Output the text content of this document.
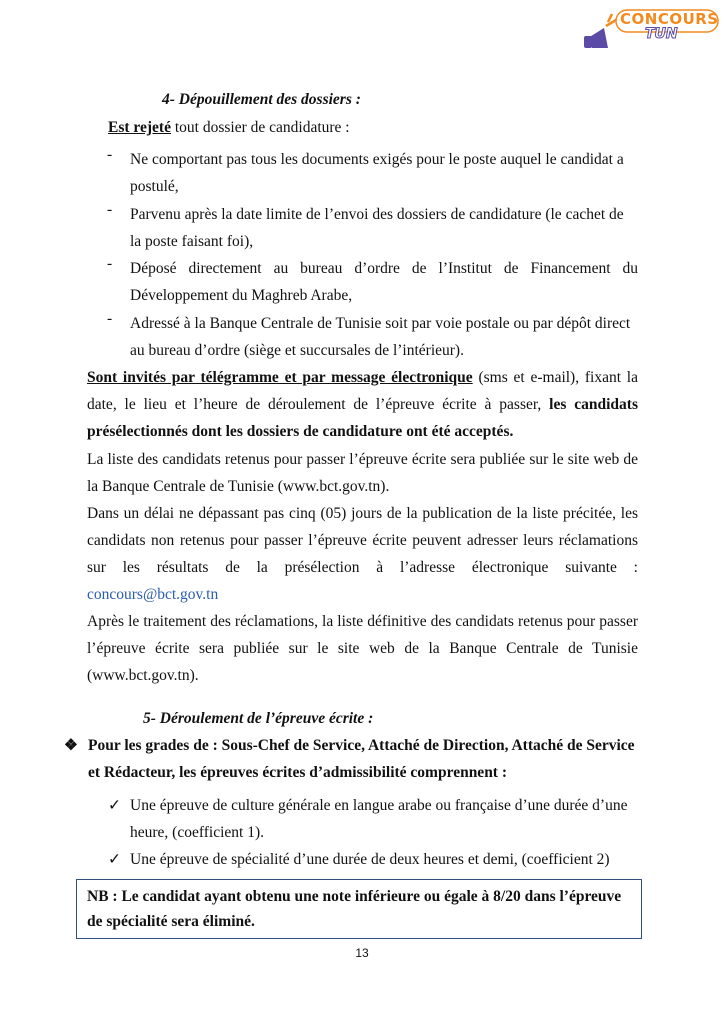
CONCOURS
TUN
4- Dépouillement des dossiers :
Est rejeté tout dossier de candidature :
- Ne comportant pas tous les documents exigés pour le poste auquel le candidat a
postulé,
- Parvenu après la date limite de l’envoi des dossiers de candidature (le cachet de
la poste faisant foi),
- Déposé directement au bureau d’ordre de l’Institut de Financement du
Développement du Maghreb Arabe,
- Adressé à la Banque Centrale de Tunisie soit par voie postale ou par dépôt direct
au bureau d’ordre (siège et succursales de l’intérieur).
Sont invités par télégramme et par message électronique (sms et e-mail), fixant la date, le lieu et l’heure de déroulement de l’épreuve écrite à passer, les candidats présélectionnés dont les dossiers de candidature ont été acceptés.
La liste des candidats retenus pour passer l’épreuve écrite sera publiée sur le site web de la Banque Centrale de Tunisie (www.bct.gov.tn).
Dans un délai ne dépassant pas cinq (05) jours de la publication de la liste précitée, les candidats non retenus pour passer l’épreuve écrite peuvent adresser leurs réclamations sur les résultats de la présélection à l’adresse électronique suivante :
concours@bct.gov.tn
Après le traitement des réclamations, la liste définitive des candidats retenus pour passer l’épreuve écrite sera publiée sur le site web de la Banque Centrale de Tunisie (www.bct.gov.tn).
5- Déroulement de l’épreuve écrite :
❖ Pour les grades de : Sous-Chef de Service, Attaché de Direction, Attaché de Service
et Rédacteur, les épreuves écrites d’admissibilité comprennent :
✓ Une épreuve de culture générale en langue arabe ou française d’une durée d’une
heure, (coefficient 1).
✓ Une épreuve de spécialité d’une durée de deux heures et demi, (coefficient 2)
NB : Le candidat ayant obtenu une note inférieure ou égale à 8/20 dans l’épreuve de spécialité sera éliminé.
13
